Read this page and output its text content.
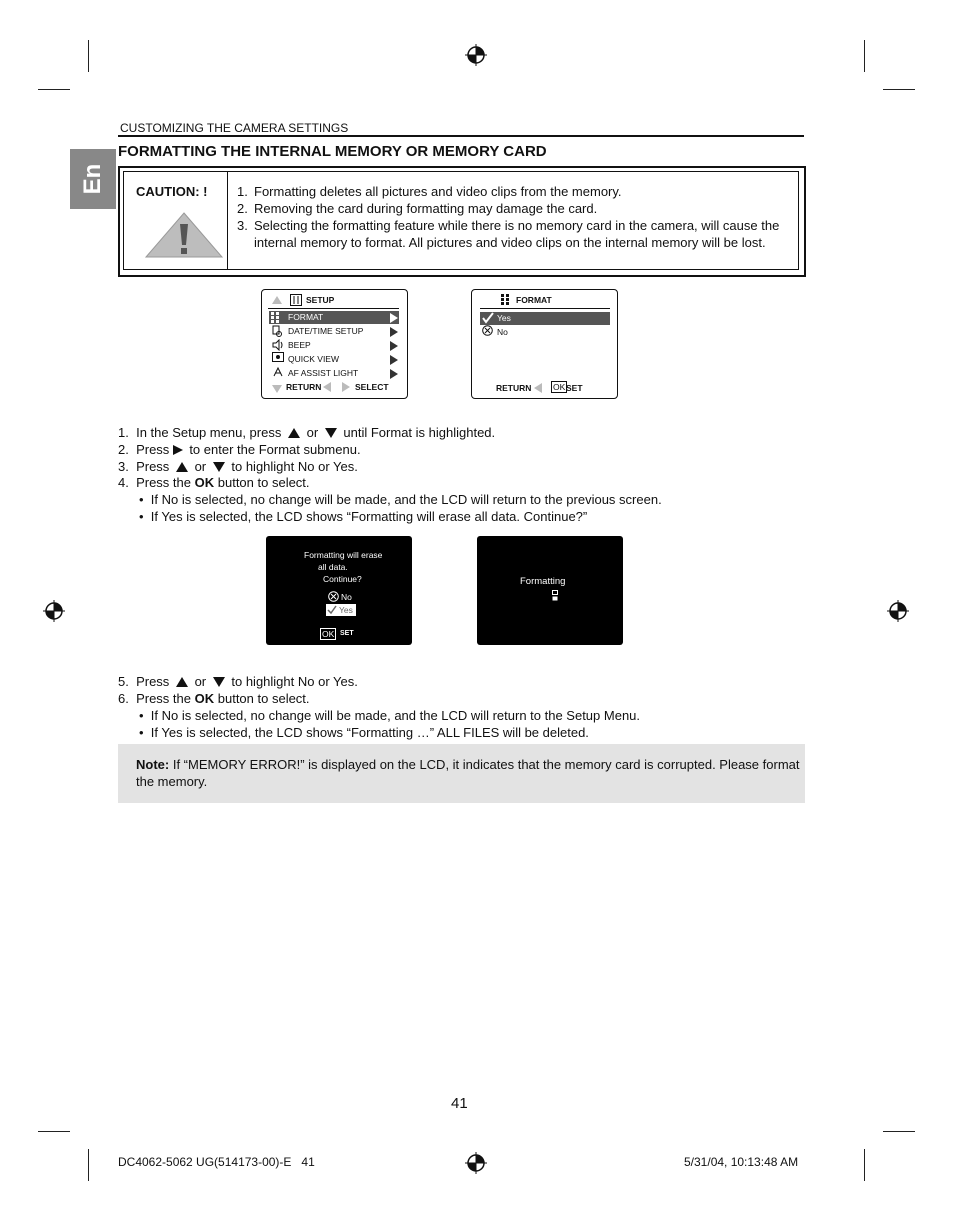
CUSTOMIZING THE CAMERA SETTINGS
FORMATTING THE INTERNAL MEMORY OR MEMORY CARD
En CAUTION: ! 1. Formatting deletes all pictures and video clips from the memory.
2. Removing the card during formatting may damage the card.
3. Selecting the formatting feature while there is no memory card in the camera, will cause the internal memory to format. All pictures and video clips on the internal memory will be lost.
SETUP
FORMAT
DATE/TIME SETUP
BEEP
QUICK VIEW
AF ASSIST LIGHT
RETURN	SELECT
FORMAT
Yes
No
RETURN	OK SET
1. In the Setup menu, press or until Format is highlighted.
2. Press to enter the Format submenu.
3. Press or to highlight No or Yes.
4. Press the OK button to select.
• If No is selected, no change will be made, and the LCD will return to the previous screen.
• If Yes is selected, the LCD shows “Formatting will erase all data. Continue?”
Formatting will erase
all data.
Continue?
No
Yes
OK SET
Formatting
5. Press or to highlight No or Yes.
6. Press the OK button to select.
• If No is selected, no change will be made, and the LCD will return to the Setup Menu.
• If Yes is selected, the LCD shows “Formatting …” ALL FILES will be deleted.
Note: If “MEMORY ERROR!” is displayed on the LCD, it indicates that the memory card is corrupted. Please format the memory.
41
DC4062-5062 UG(514173-00)-E   41	5/31/04, 10:13:48 AM
